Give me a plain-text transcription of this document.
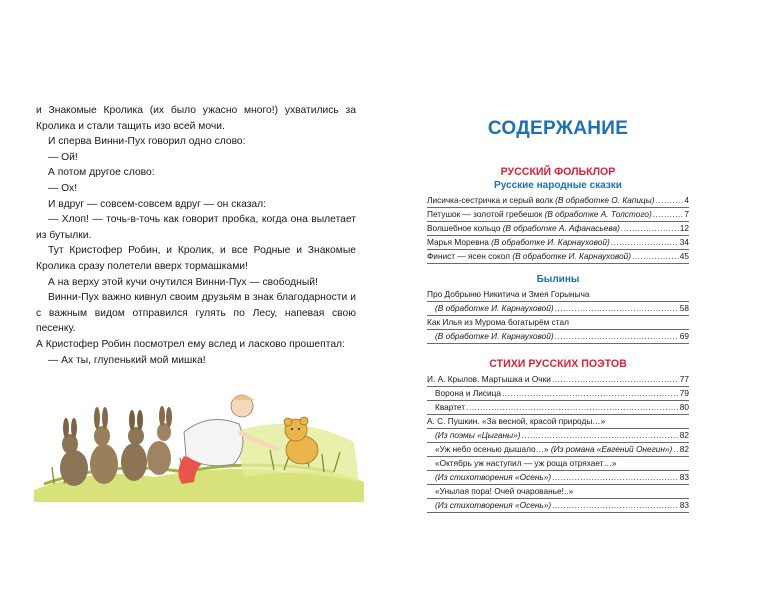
и Знакомые Кролика (их было ужасно много!) ухватились за Кролика и стали тащить изо всей мочи.

И сперва Винни-Пух говорил одно слово:

— Ой!

А потом другое слово:

— Ох!

И вдруг — совсем-совсем вдруг — он сказал:

— Хлоп! — точь-в-точь как говорит пробка, когда она вылетает из бутылки.

Тут Кристофер Робин, и Кролик, и все Родные и Знакомые Кролика сразу полетели вверх тормашками!

А на верху этой кучи очутился Винни-Пух — свободный!

Винни-Пух важно кивнул своим друзьям в знак благодарности и с важным видом отправился гулять по Лесу, напевая свою песенку.

А Кристофер Робин посмотрел ему вслед и ласково прошептал:

— Ах ты, глупенький мой мишка!

СОДЕРЖАНИЕ
РУССКИЙ ФОЛЬКЛОР
Русские народные сказки
Лисичка-сестричка и серый волк (В обработке О. Капицы) .....	4
Петушок — золотой гребешок (В обработке А. Толстого) .....	7
Волшебное кольцо (В обработке А. Афанасьева) .....	12
Марья Моревна (В обработке И. Карнауховой) .....	34
Финист — ясен сокол (В обработке И. Карнауховой) .....	45
Былины
Про Добрыню Никитича и Змея Горыныча
(В обработке И. Карнауховой) .....	58
Как Илья из Мурома богатырём стал
(В обработке И. Карнауховой) .....	69
СТИХИ РУССКИХ ПОЭТОВ
И. А. Крылов. Мартышка и Очки .....	77
Ворона и Лисица .....	79
Квартет .....	80
А. С. Пушкин. «За весной, красой природы…»
(Из поэмы «Цыганы») .....	82
«Уж небо осенью дышало…» (Из романа «Евгений Онегин») ..... 82
«Октябрь уж наступил — уж роща отряхает…»
(Из стихотворения «Осень») .....	83
«Унылая пора! Очей очарованье!..»
(Из стихотворения «Осень») .....	83
